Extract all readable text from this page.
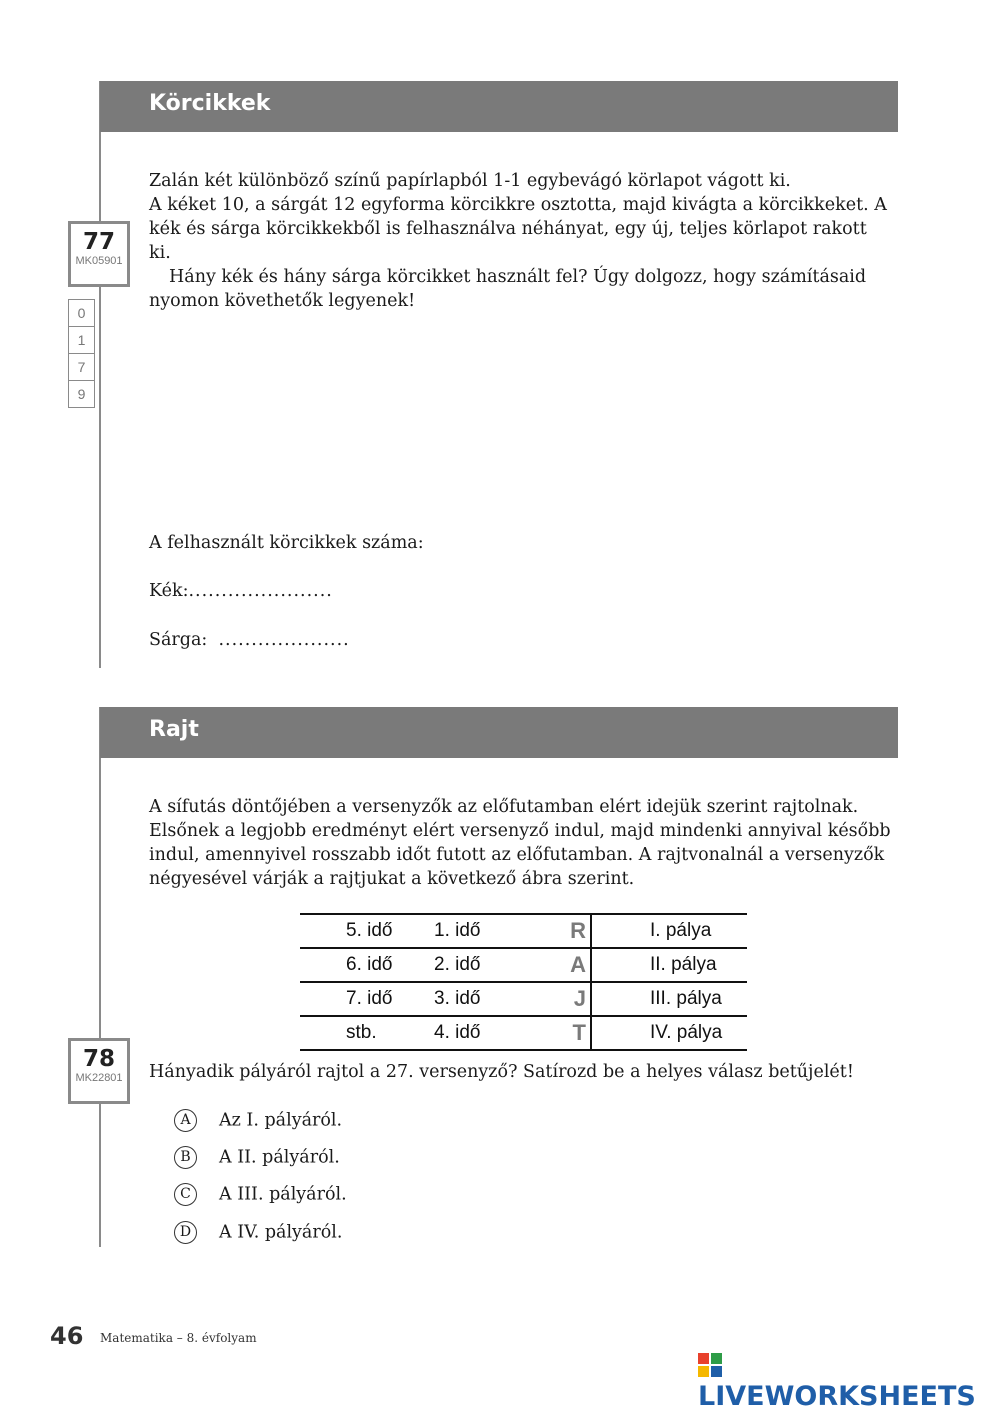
Körcikkek
77
MK05901
0
1
7
9

Zalán két különböző színű papírlapból 1-1 egybevágó körlapot vágott ki.

A kéket 10, a sárgát 12 egyforma körcikkre osztotta, majd kivágta a körcikkeket. A kék és sárga körcikkekből is felhasználva néhányat, egy új, teljes körlapot rakott ki.

Hány kék és hány sárga körcikket használt fel? Úgy dolgozz, hogy számításaid nyomon követhetők legyenek!

A felhasznált körcikkek száma:
Kék:......................
Sárga: ....................
Rajt

A sífutás döntőjében a versenyzők az előfutamban elért idejük szerint rajtolnak. Elsőnek a legjobb eredményt elért versenyző indul, majd mindenki annyival később indul, amennyivel rosszabb időt futott az előfutamban. A rajtvonalnál a versenyzők négyesével várják a rajtjukat a következő ábra szerint.

5. idő	1. idő	R	I. pálya
6. idő	2. idő	A	II. pálya
7. idő	3. idő	J	III. pálya
stb.	4. idő	T	IV. pálya
78
MK22801 Hányadik pályáról rajtol a 27. versenyző? Satírozd be a helyes válasz betűjelét!
A Az I. pályáról.
B A II. pályáról.
C A III. pályáról.
D A IV. pályáról.
46 Matematika – 8. évfolyam
LIVEWORKSHEETS
